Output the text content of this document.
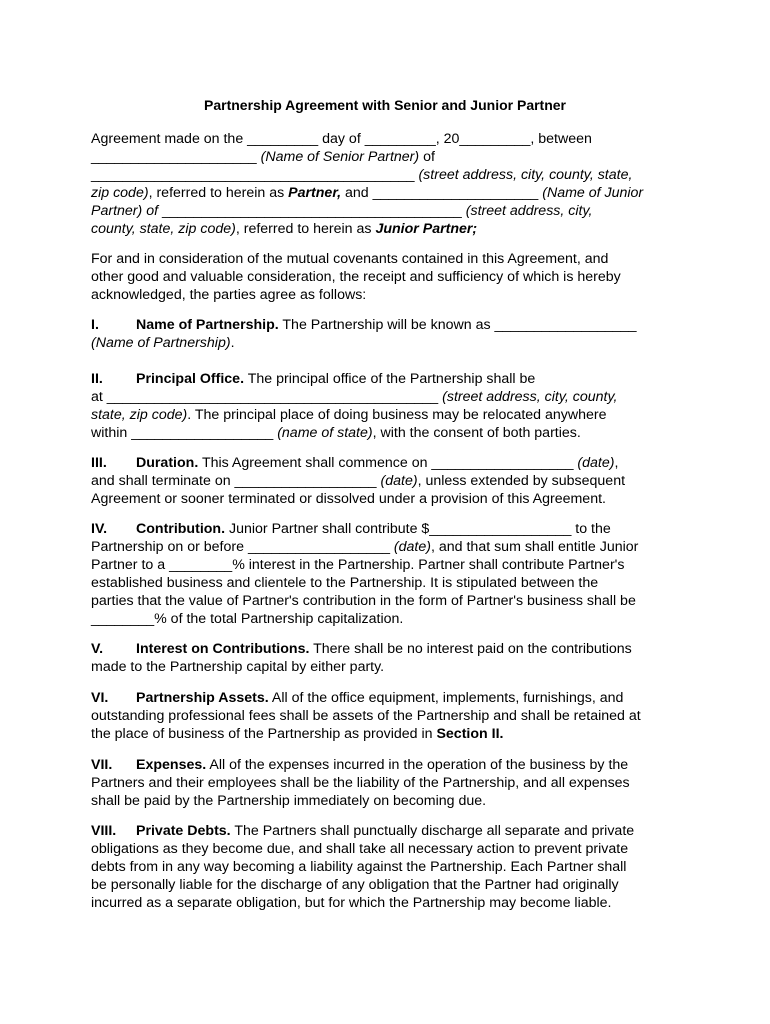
Partnership Agreement with Senior and Junior Partner
Agreement made on the _________ day of _________, 20_________, between
_____________________ (Name of Senior Partner) of
_________________________________________ (street address, city, county, state,
zip code), referred to herein as Partner, and _____________________ (Name of Junior
Partner) of ______________________________________ (street address, city,
county, state, zip code), referred to herein as Junior Partner;
For and in consideration of the mutual covenants contained in this Agreement, and
other good and valuable consideration, the receipt and sufficiency of which is hereby
acknowledged, the parties agree as follows:
I.	Name of Partnership. The Partnership will be known as __________________
(Name of Partnership).
II. Principal Office. The principal office of the Partnership shall be
at __________________________________________ (street address, city, county,
state, zip code). The principal place of doing business may be relocated anywhere
within __________________ (name of state), with the consent of both parties.
III. Duration. This Agreement shall commence on __________________ (date),
and shall terminate on __________________ (date), unless extended by subsequent
Agreement or sooner terminated or dissolved under a provision of this Agreement.
IV. Contribution. Junior Partner shall contribute $__________________ to the
Partnership on or before __________________ (date), and that sum shall entitle Junior
Partner to a ________% interest in the Partnership. Partner shall contribute Partner's
established business and clientele to the Partnership. It is stipulated between the
parties that the value of Partner's contribution in the form of Partner's business shall be
________% of the total Partnership capitalization.
V. Interest on Contributions. There shall be no interest paid on the contributions
made to the Partnership capital by either party.
VI. Partnership Assets. All of the office equipment, implements, furnishings, and
outstanding professional fees shall be assets of the Partnership and shall be retained at
the place of business of the Partnership as provided in Section II.
VII. Expenses. All of the expenses incurred in the operation of the business by the
Partners and their employees shall be the liability of the Partnership, and all expenses
shall be paid by the Partnership immediately on becoming due.
VIII. Private Debts. The Partners shall punctually discharge all separate and private
obligations as they become due, and shall take all necessary action to prevent private
debts from in any way becoming a liability against the Partnership. Each Partner shall
be personally liable for the discharge of any obligation that the Partner had originally
incurred as a separate obligation, but for which the Partnership may become liable.
